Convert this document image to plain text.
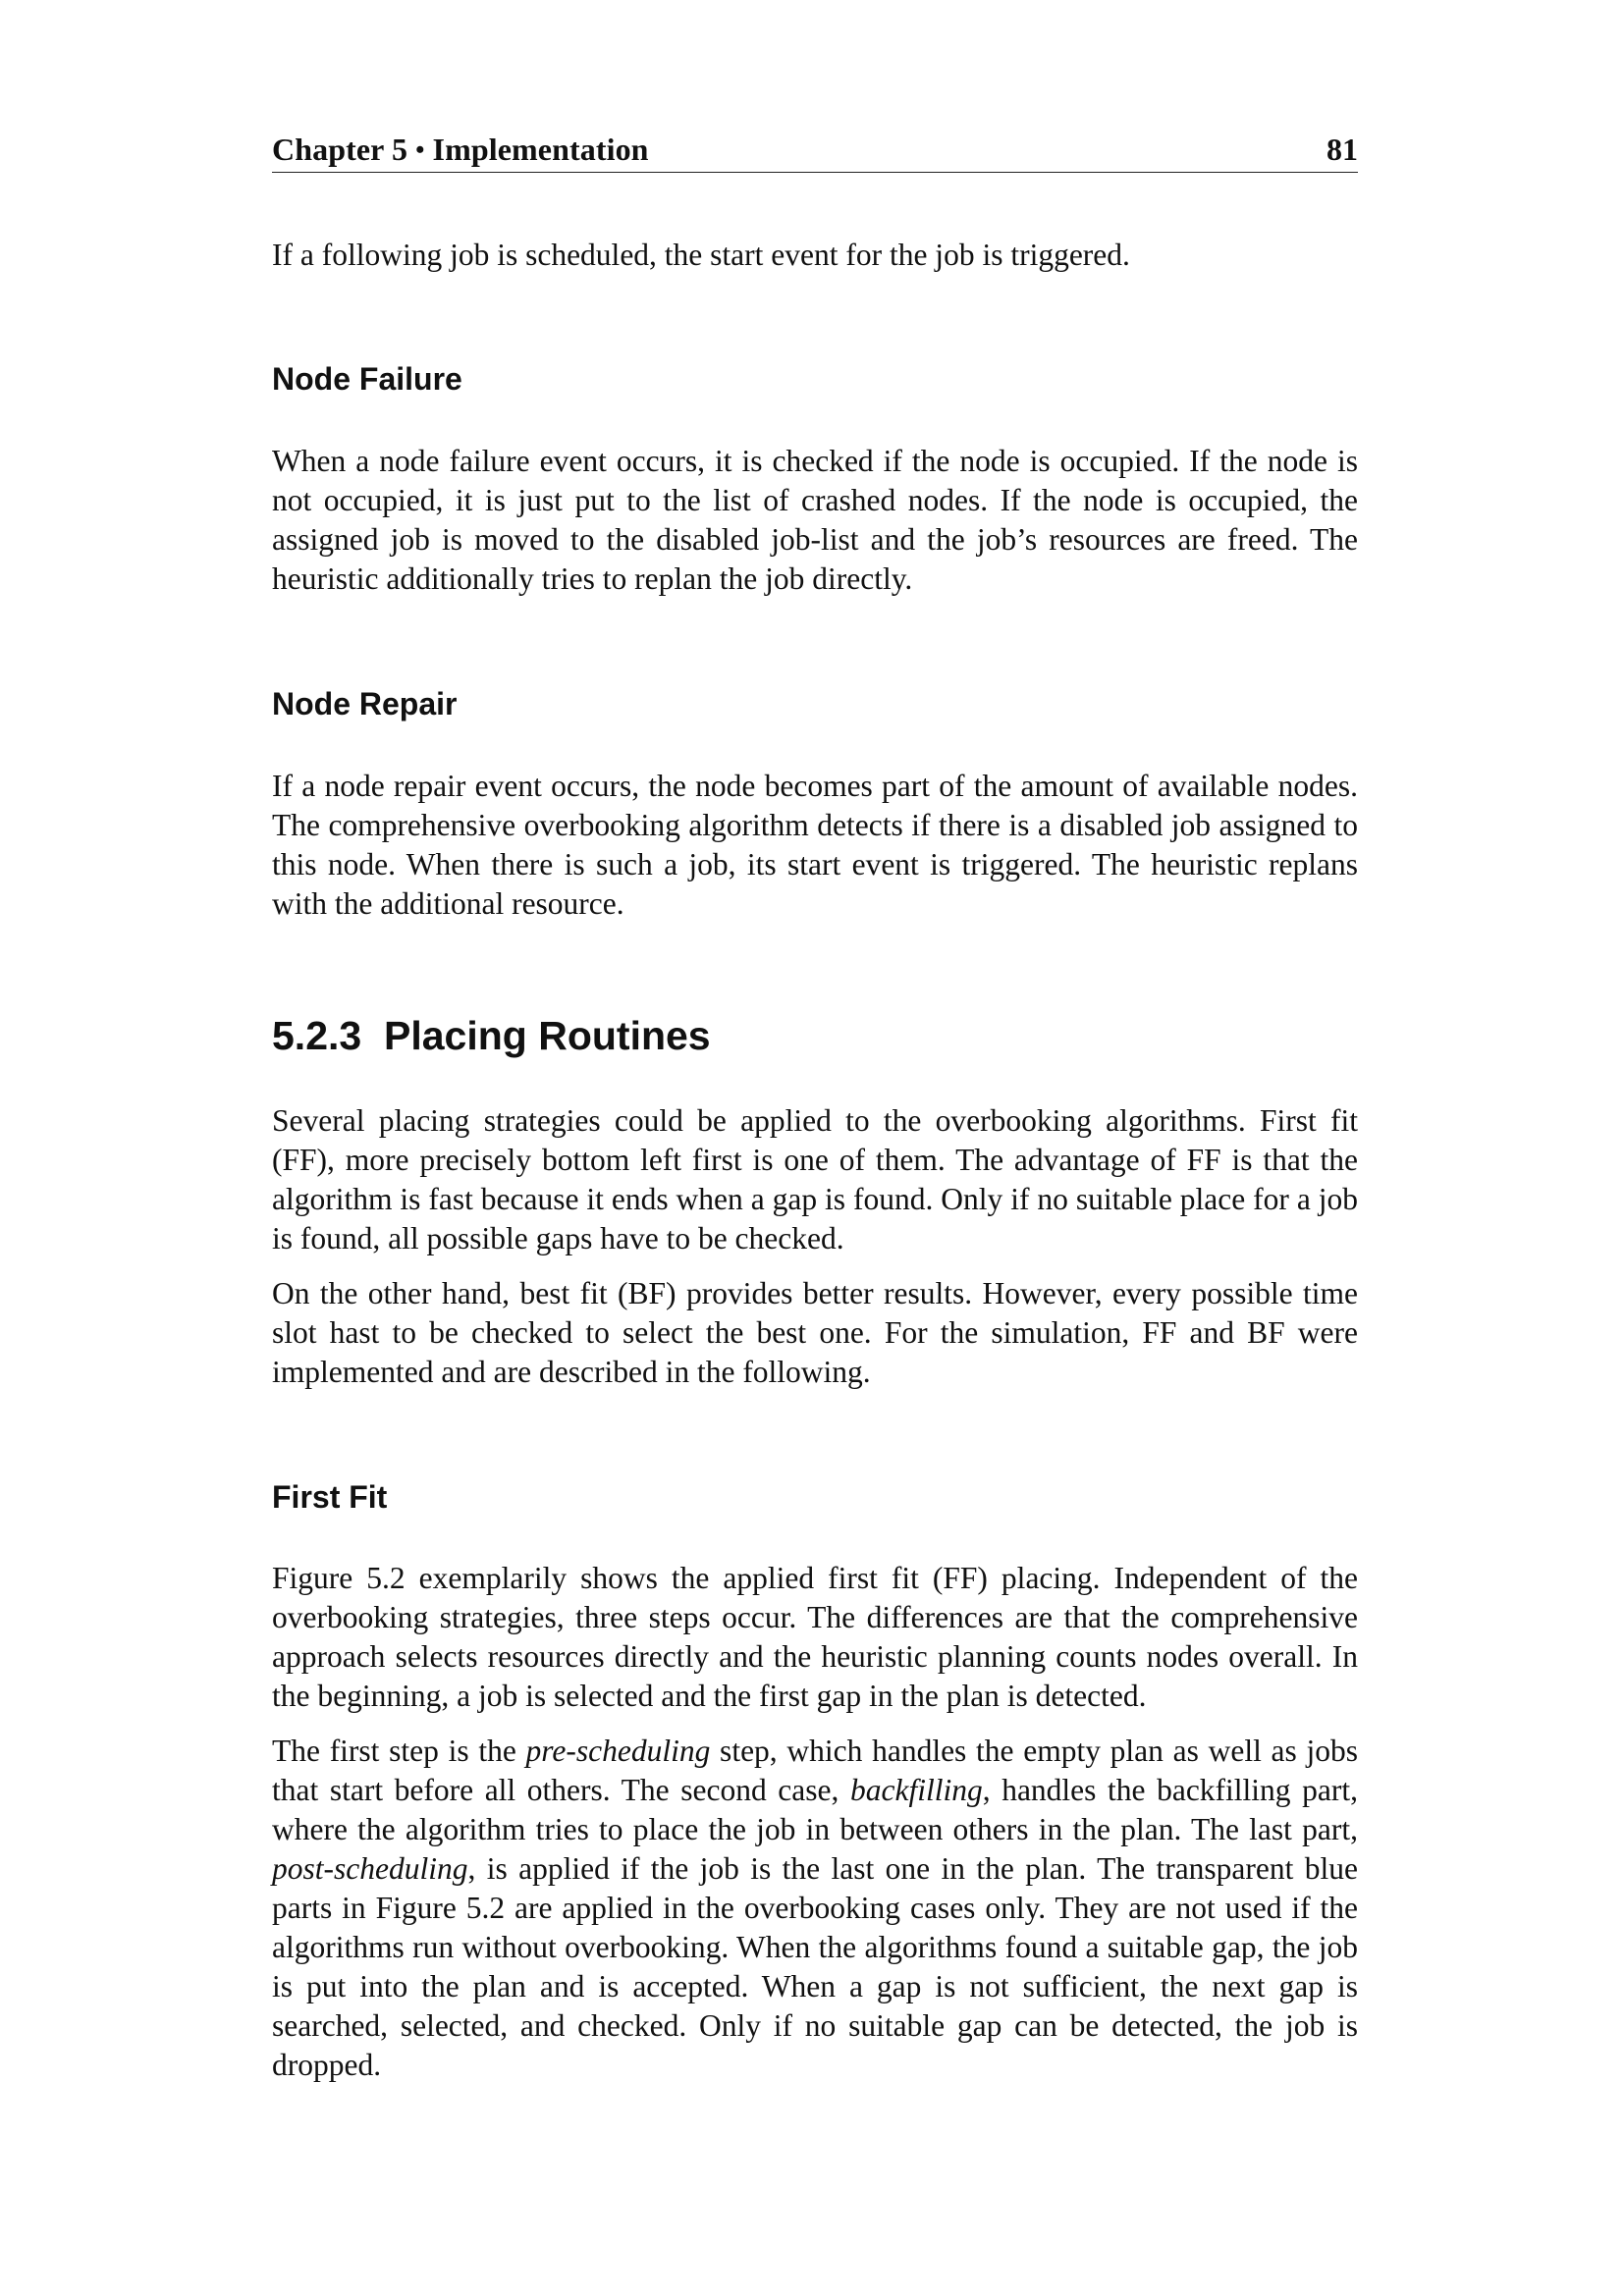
Chapter 5 • Implementation	81

If a following job is scheduled, the start event for the job is triggered.

Node Failure

When a node failure event occurs, it is checked if the node is occupied. If the node is not occupied, it is just put to the list of crashed nodes. If the node is occupied, the assigned job is moved to the disabled job-list and the job’s resources are freed. The heuristic additionally tries to replan the job directly.

Node Repair

If a node repair event occurs, the node becomes part of the amount of available nodes. The comprehensive overbooking algorithm detects if there is a disabled job assigned to this node. When there is such a job, its start event is triggered. The heuristic replans with the additional resource.

5.2.3 Placing Routines

Several placing strategies could be applied to the overbooking algorithms. First fit (FF), more precisely bottom left first is one of them. The advantage of FF is that the algorithm is fast because it ends when a gap is found. Only if no suitable place for a job is found, all possible gaps have to be checked.

On the other hand, best fit (BF) provides better results. However, every possible time slot hast to be checked to select the best one. For the simulation, FF and BF were implemented and are described in the following.

First Fit

Figure 5.2 exemplarily shows the applied first fit (FF) placing. Independent of the overbooking strategies, three steps occur. The differences are that the comprehensive approach selects resources directly and the heuristic planning counts nodes overall. In the beginning, a job is selected and the first gap in the plan is detected.

The first step is the pre-scheduling step, which handles the empty plan as well as jobs that start before all others. The second case, backfilling, handles the backfilling part, where the algorithm tries to place the job in between others in the plan. The last part, post-scheduling, is applied if the job is the last one in the plan. The transparent blue parts in Figure 5.2 are applied in the overbooking cases only. They are not used if the algorithms run without overbooking. When the algorithms found a suitable gap, the job is put into the plan and is accepted. When a gap is not sufficient, the next gap is searched, selected, and checked. Only if no suitable gap can be detected, the job is dropped.
